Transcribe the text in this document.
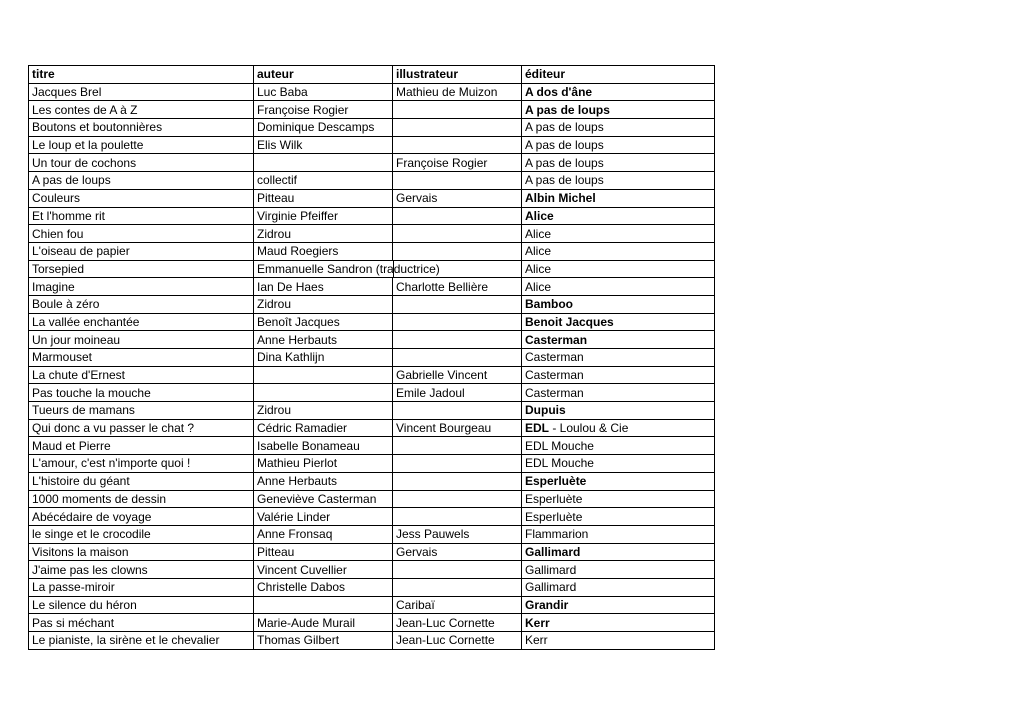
titre	auteur	illustrateur	éditeur
Jacques Brel	Luc Baba	Mathieu de Muizon	A dos d'âne
Les contes de A à Z	Françoise Rogier		A pas de loups
Boutons et boutonnières	Dominique Descamps		A pas de loups
Le loup et la poulette	Elis Wilk		A pas de loups
Un tour de cochons		Françoise Rogier	A pas de loups
A pas de loups	collectif		A pas de loups
Couleurs	Pitteau	Gervais	Albin Michel
Et l'homme rit	Virginie Pfeiffer		Alice
Chien fou	Zidrou		Alice
L'oiseau de papier	Maud Roegiers		Alice
Torsepied	Emmanuelle Sandron (traductrice)		Alice
Imagine	Ian De Haes	Charlotte Bellière	Alice
Boule à zéro	Zidrou		Bamboo
La vallée enchantée	Benoît Jacques		Benoit Jacques
Un jour moineau	Anne Herbauts		Casterman
Marmouset	Dina Kathlijn		Casterman
La chute d'Ernest		Gabrielle Vincent	Casterman
Pas touche la mouche		Emile Jadoul	Casterman
Tueurs de mamans	Zidrou		Dupuis
Qui donc a vu passer le chat ?	Cédric Ramadier	Vincent Bourgeau	EDL - Loulou & Cie
Maud et Pierre	Isabelle Bonameau		EDL Mouche
L'amour, c'est n'importe quoi !	Mathieu Pierlot		EDL Mouche
L'histoire du géant	Anne Herbauts		Esperluète
1000 moments de dessin	Geneviève Casterman		Esperluète
Abécédaire de voyage	Valérie Linder		Esperluète
le singe et le crocodile	Anne Fronsaq	Jess Pauwels	Flammarion
Visitons la maison	Pitteau	Gervais	Gallimard
J'aime pas les clowns	Vincent Cuvellier		Gallimard
La passe-miroir	Christelle Dabos		Gallimard
Le silence du héron		Caribaï	Grandir
Pas si méchant	Marie-Aude Murail	Jean-Luc Cornette	Kerr
Le pianiste, la sirène et le chevalier	Thomas Gilbert	Jean-Luc Cornette	Kerr
